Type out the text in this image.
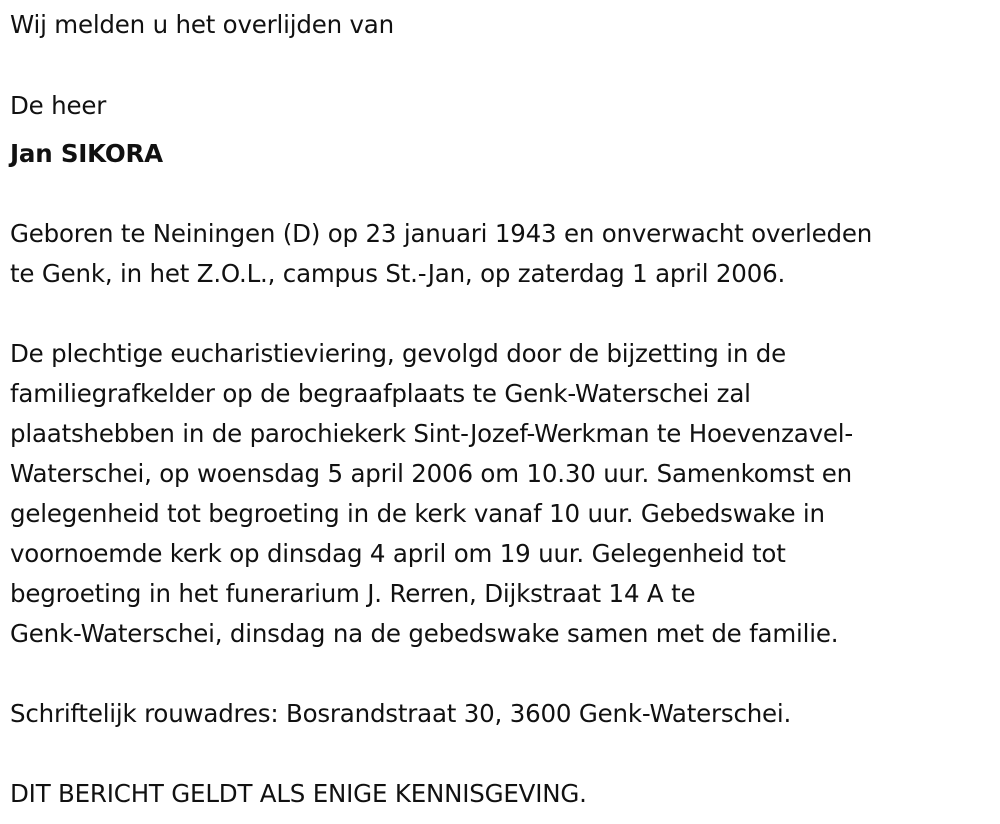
Wij melden u het overlijden van
De heer
Jan SIKORA
Geboren te Neiningen (D) op 23 januari 1943 en onverwacht overleden
te Genk, in het Z.O.L., campus St.-Jan, op zaterdag 1 april 2006.
De plechtige eucharistieviering, gevolgd door de bijzetting in de
familiegrafkelder op de begraafplaats te Genk-Waterschei zal
plaatshebben in de parochiekerk Sint-Jozef-Werkman te Hoevenzavel-
Waterschei, op woensdag 5 april 2006 om 10.30 uur. Samenkomst en
gelegenheid tot begroeting in de kerk vanaf 10 uur. Gebedswake in
voornoemde kerk op dinsdag 4 april om 19 uur. Gelegenheid tot
begroeting in het funerarium J. Rerren, Dijkstraat 14 A te
Genk-Waterschei, dinsdag na de gebedswake samen met de familie.
Schriftelijk rouwadres: Bosrandstraat 30, 3600 Genk-Waterschei.
DIT BERICHT GELDT ALS ENIGE KENNISGEVING.
